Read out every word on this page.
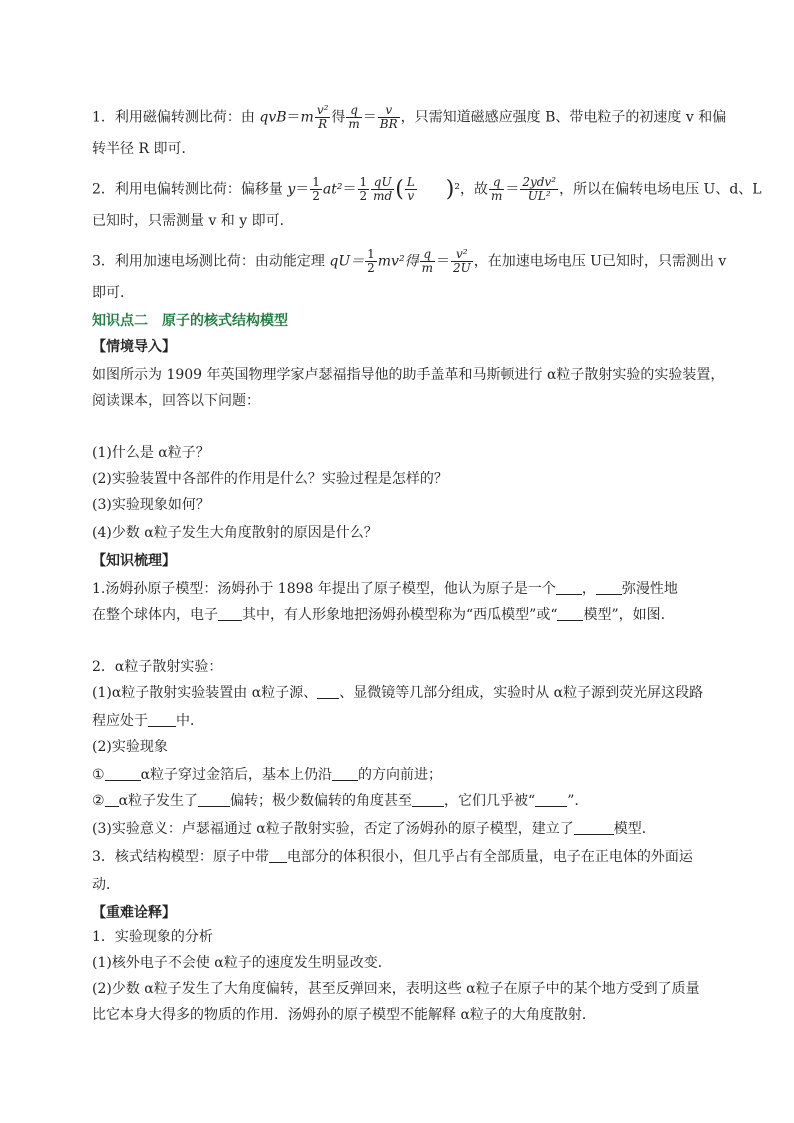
1．利用磁偏转测比荷：由 $qvB=m \frac{\text{v²}}{R}$ 得 $\frac{q}{m} = \frac{v}{BR}$ ，只需知道磁感应强度 B、带电粒子的初速度 v 和偏
转半径 R 即可．
2．利用电偏转测比荷：偏移量 $y= \frac{1}{2} at^2= \frac{1}{2} \frac{qU}{md}$ ( $\frac{L}{v} )^2$，故 $\frac{q}{m} = \frac{\text{2ydv²}}{\text{UL²}}$ ，所以在偏转电场电压 U、d、L
已知时，只需测量 v 和 y 即可．
3．利用加速电场测比荷：由动能定理 $qU= \frac{1}{2} mv^2$得 $\frac{q}{m} = \frac{\text{v²}}{2U}$ ，在加速电场电压 U已知时，只需测出 v
即可．
知识点二　原子的核式结构模型
【情境导入】
如图所示为 1909 年英国物理学家卢瑟福指导他的助手盖革和马斯顿进行 α粒子散射实验的实验装置，
阅读课本，回答以下问题：
(1)什么是 α粒子？
(2)实验装置中各部件的作用是什么？实验过程是怎样的？
(3)实验现象如何？
(4)少数 α粒子发生大角度散射的原因是什么？
【知识梳理】
1.汤姆孙原子模型：汤姆孙于 1898 年提出了原子模型，他认为原子是一个 ， 弥漫性地
在整个球体内，电子 其中，有人形象地把汤姆孙模型称为“西瓜模型”或“ 模型”，如图.
2．α粒子散射实验：
(1)α粒子散射实验装置由 α粒子源、 、显微镜等几部分组成，实验时从 α粒子源到荧光屏这段路
程应处于 中．
(2)实验现象
①	α粒子穿过金箔后，基本上仍沿 的方向前进；
② α粒子发生了 偏转；极少数偏转的角度甚至 ，它们几乎被“ ”.
(3)实验意义：卢瑟福通过 α粒子散射实验，否定了汤姆孙的原子模型，建立了	模型．
3．核式结构模型：原子中带 电部分的体积很小，但几乎占有全部质量，电子在正电体的外面运
动．
【重难诠释】
1．实验现象的分析
(1)核外电子不会使 α粒子的速度发生明显改变．
(2)少数 α粒子发生了大角度偏转，甚至反弹回来，表明这些 α粒子在原子中的某个地方受到了质量
比它本身大得多的物质的作用．汤姆孙的原子模型不能解释 α粒子的大角度散射．
